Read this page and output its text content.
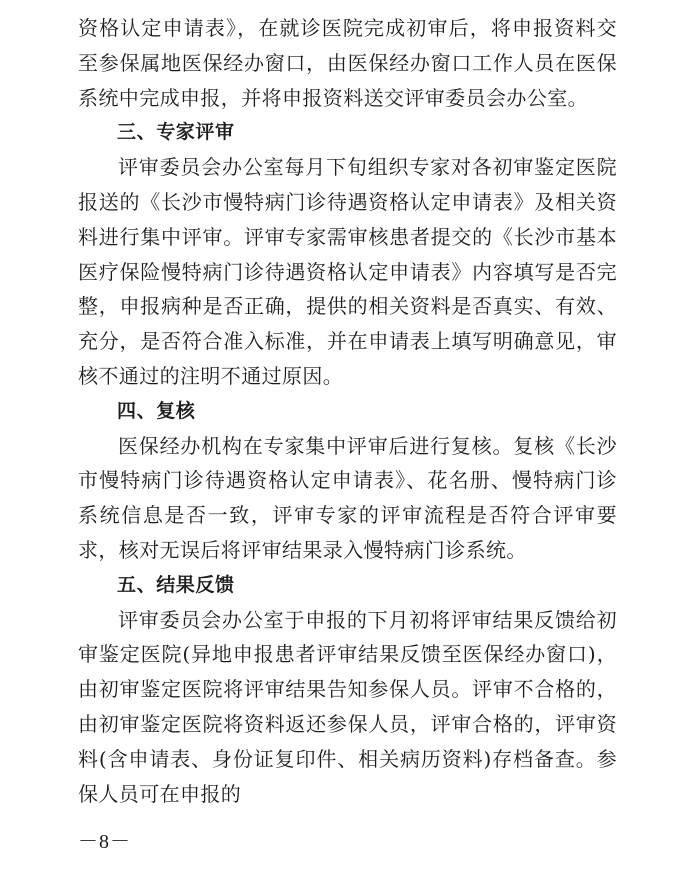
资格认定申请表》，在就诊医院完成初审后，将申报资料交至参保属地医保经办窗口，由医保经办窗口工作人员在医保系统中完成申报，并将申报资料送交评审委员会办公室。

三、专家评审

评审委员会办公室每月下旬组织专家对各初审鉴定医院报送的《长沙市慢特病门诊待遇资格认定申请表》及相关资料进行集中评审。评审专家需审核患者提交的《长沙市基本医疗保险慢特病门诊待遇资格认定申请表》内容填写是否完整，申报病种是否正确，提供的相关资料是否真实、有效、充分，是否符合准入标准，并在申请表上填写明确意见，审核不通过的注明不通过原因。

四、复核

医保经办机构在专家集中评审后进行复核。复核《长沙市慢特病门诊待遇资格认定申请表》、花名册、慢特病门诊系统信息是否一致，评审专家的评审流程是否符合评审要求，核对无误后将评审结果录入慢特病门诊系统。

五、结果反馈

评审委员会办公室于申报的下月初将评审结果反馈给初审鉴定医院(异地申报患者评审结果反馈至医保经办窗口)，由初审鉴定医院将评审结果告知参保人员。评审不合格的，由初审鉴定医院将资料返还参保人员，评审合格的，评审资料(含申请表、身份证复印件、相关病历资料)存档备查。参保人员可在申报的

－8－
